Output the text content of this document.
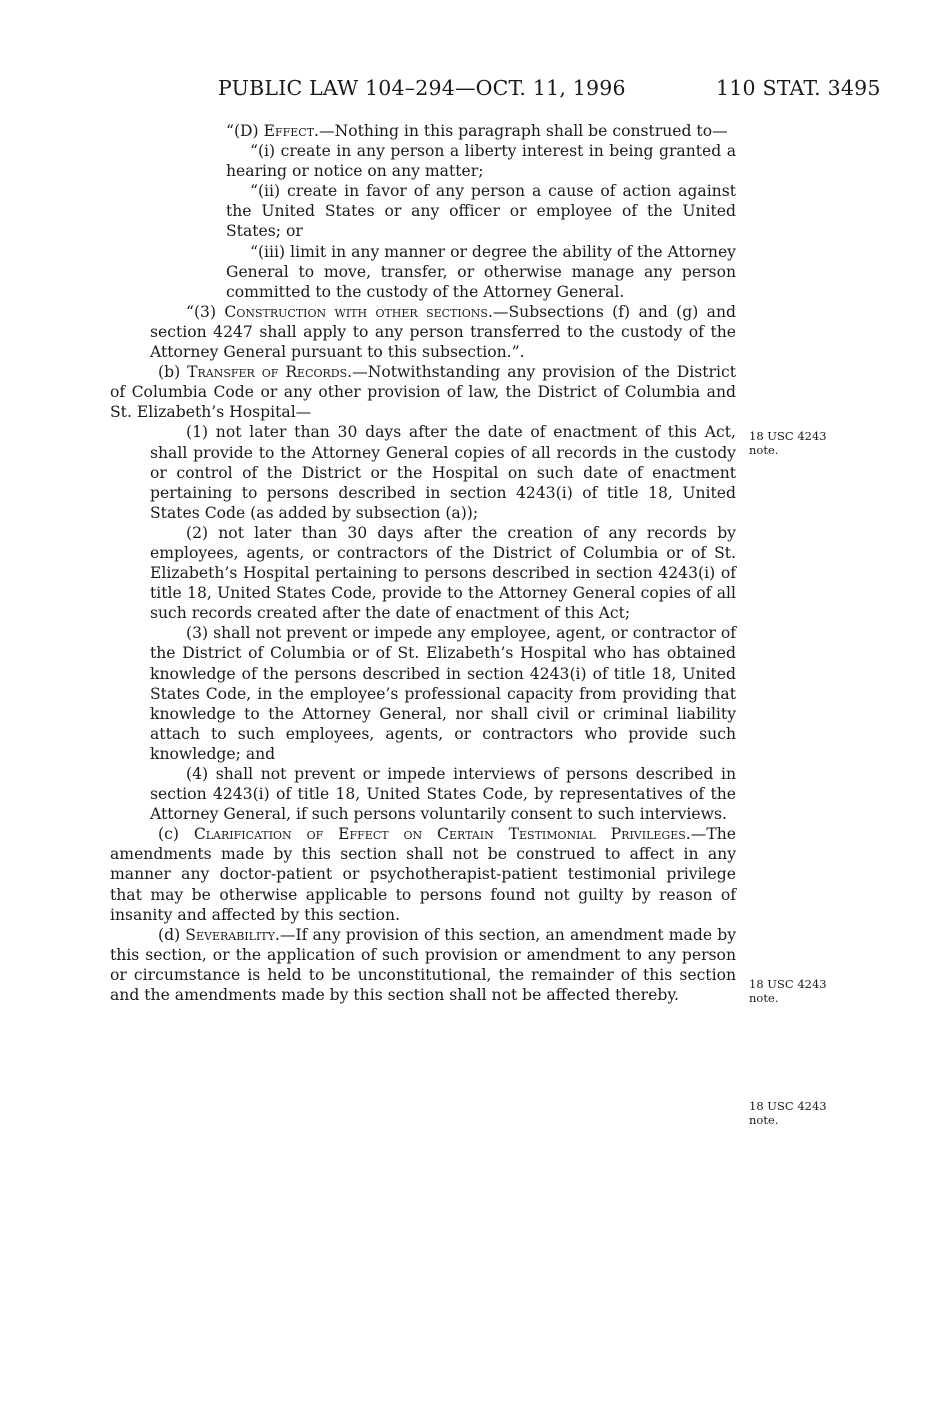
PUBLIC LAW 104–294—OCT. 11, 1996	110 STAT. 3495

“(D) Effect.—Nothing in this paragraph shall be construed to—

“(i) create in any person a liberty interest in being granted a hearing or notice on any matter;

“(ii) create in favor of any person a cause of action against the United States or any officer or employee of the United States; or

“(iii) limit in any manner or degree the ability of the Attorney General to move, transfer, or otherwise manage any person committed to the custody of the Attorney General.

“(3) Construction with other sections.—Subsections (f) and (g) and section 4247 shall apply to any person transferred to the custody of the Attorney General pursuant to this subsection.”.

(b) Transfer of Records.—Notwithstanding any provision of the District of Columbia Code or any other provision of law, the District of Columbia and St. Elizabeth’s Hospital—

(1) not later than 30 days after the date of enactment of this Act, shall provide to the Attorney General copies of all records in the custody or control of the District or the Hospital on such date of enactment pertaining to persons described in section 4243(i) of title 18, United States Code (as added by subsection (a));

(2) not later than 30 days after the creation of any records by employees, agents, or contractors of the District of Columbia or of St. Elizabeth’s Hospital pertaining to persons described in section 4243(i) of title 18, United States Code, provide to the Attorney General copies of all such records created after the date of enactment of this Act;

(3) shall not prevent or impede any employee, agent, or contractor of the District of Columbia or of St. Elizabeth’s Hospital who has obtained knowledge of the persons described in section 4243(i) of title 18, United States Code, in the employee’s professional capacity from providing that knowledge to the Attorney General, nor shall civil or criminal liability attach to such employees, agents, or contractors who provide such knowledge; and

(4) shall not prevent or impede interviews of persons described in section 4243(i) of title 18, United States Code, by representatives of the Attorney General, if such persons voluntarily consent to such interviews.

(c) Clarification of Effect on Certain Testimonial Privileges.—The amendments made by this section shall not be construed to affect in any manner any doctor-patient or psychotherapist-patient testimonial privilege that may be otherwise applicable to persons found not guilty by reason of insanity and affected by this section.

(d) Severability.—If any provision of this section, an amendment made by this section, or the application of such provision or amendment to any person or circumstance is held to be unconstitutional, the remainder of this section and the amendments made by this section shall not be affected thereby.

18 USC 4243
note.
18 USC 4243
note.
18 USC 4243
note.
